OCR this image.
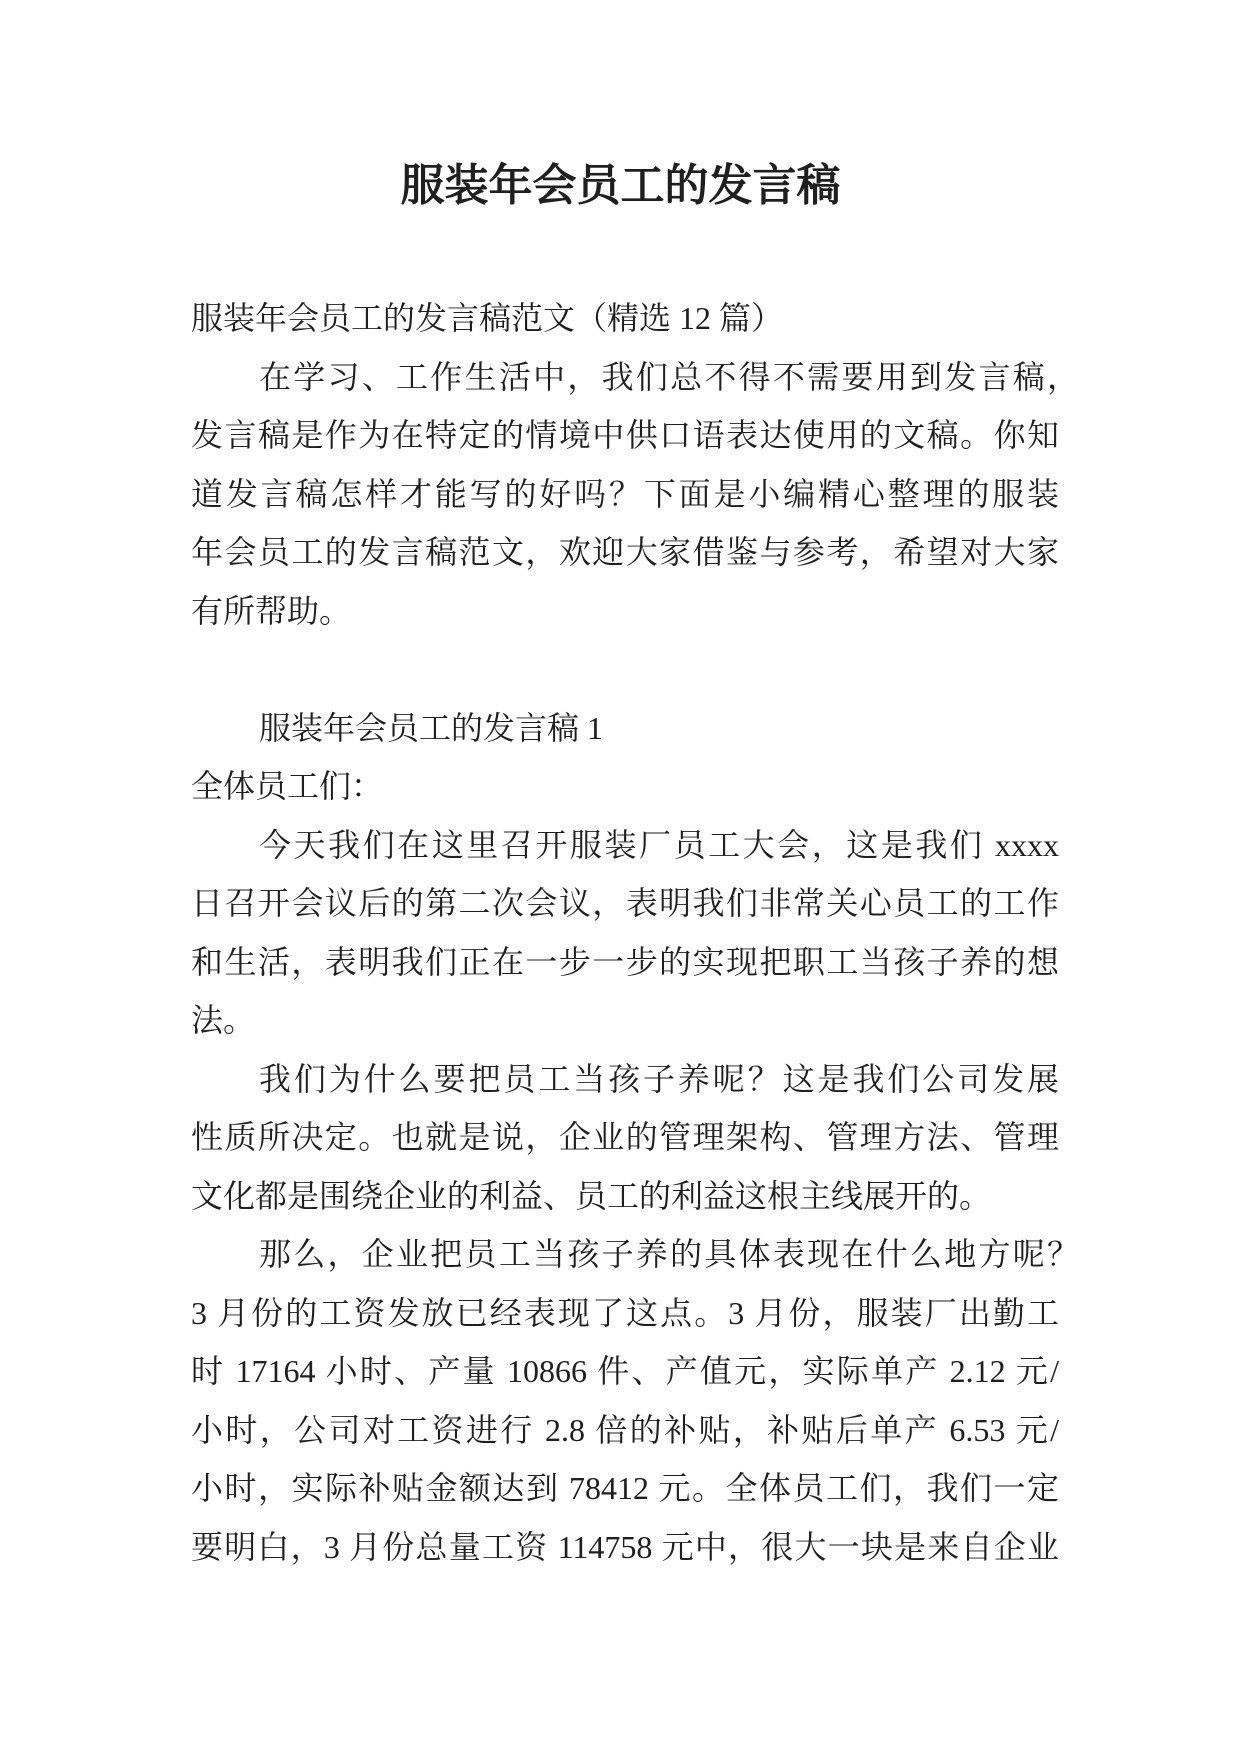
服装年会员工的发言稿
服装年会员工的发言稿范文（精选 12 篇）
在学习、工作生活中，我们总不得不需要用到发言稿，
发言稿是作为在特定的情境中供口语表达使用的文稿。你知
道发言稿怎样才能写的好吗？下面是小编精心整理的服装
年会员工的发言稿范文，欢迎大家借鉴与参考，希望对大家
有所帮助。
服装年会员工的发言稿 1
全体员工们：
今天我们在这里召开服装厂员工大会，这是我们 xxxx
日召开会议后的第二次会议，表明我们非常关心员工的工作
和生活，表明我们正在一步一步的实现把职工当孩子养的想
法。
我们为什么要把员工当孩子养呢？这是我们公司发展
性质所决定。也就是说，企业的管理架构、管理方法、管理
文化都是围绕企业的利益、员工的利益这根主线展开的。
那么，企业把员工当孩子养的具体表现在什么地方呢？
3 月份的工资发放已经表现了这点。3 月份，服装厂出勤工
时 17164 小时、产量 10866 件、产值元，实际单产 2.12 元/
小时，公司对工资进行 2.8 倍的补贴，补贴后单产 6.53 元/
小时，实际补贴金额达到 78412 元。全体员工们，我们一定
要明白，3 月份总量工资 114758 元中，很大一块是来自企业
